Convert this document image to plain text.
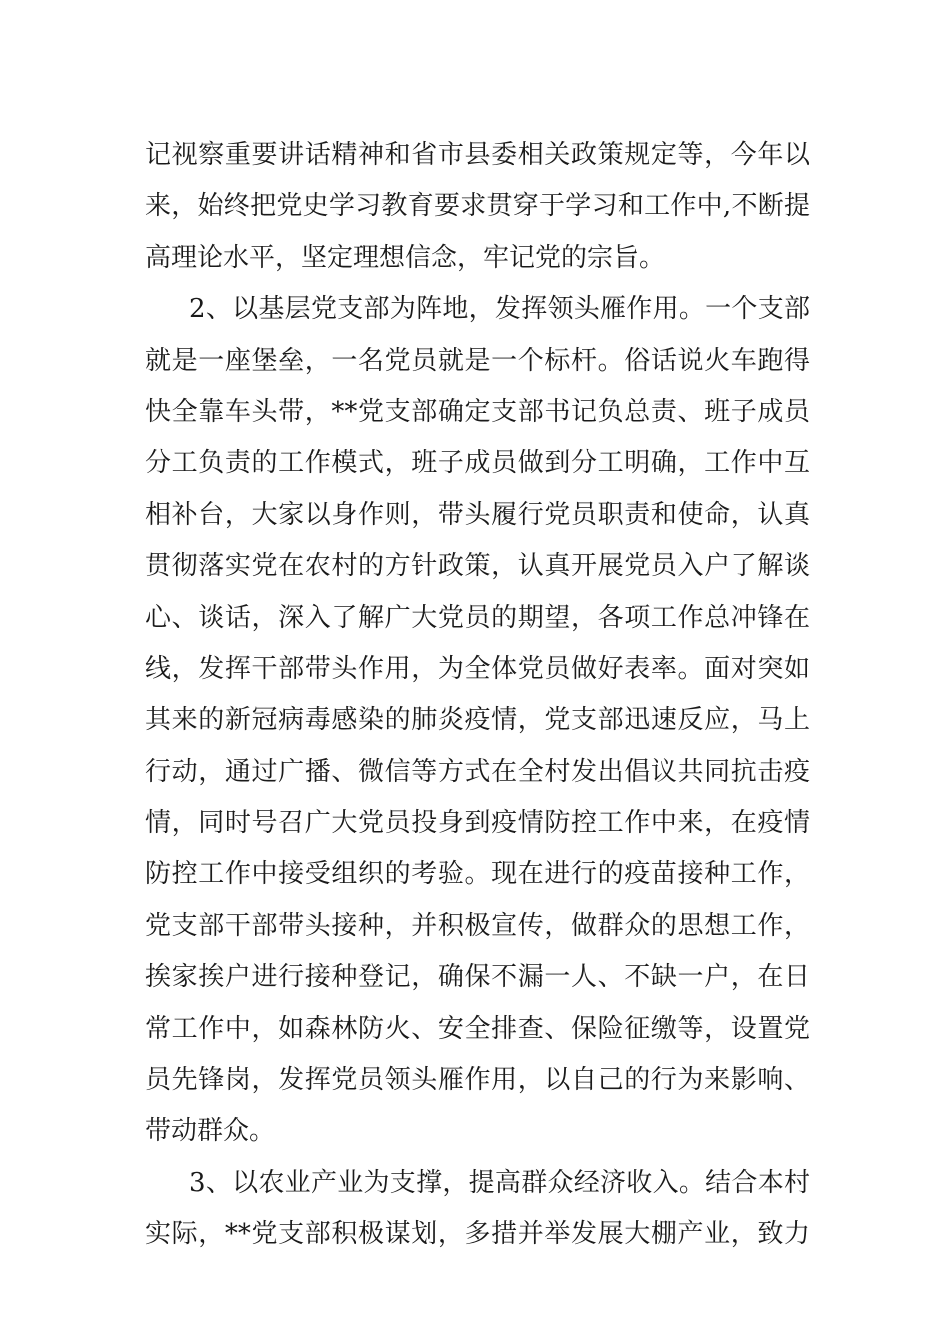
记视察重要讲话精神和省市县委相关政策规定等，今年以
来，始终把党史学习教育要求贯穿于学习和工作中,不断提
高理论水平，坚定理想信念，牢记党的宗旨。
2、以基层党支部为阵地，发挥领头雁作用。一个支部
就是一座堡垒，一名党员就是一个标杆。俗话说火车跑得
快全靠车头带，**党支部确定支部书记负总责、班子成员
分工负责的工作模式，班子成员做到分工明确，工作中互
相补台，大家以身作则，带头履行党员职责和使命，认真
贯彻落实党在农村的方针政策，认真开展党员入户了解谈
心、谈话，深入了解广大党员的期望，各项工作总冲锋在
线，发挥干部带头作用，为全体党员做好表率。面对突如
其来的新冠病毒感染的肺炎疫情，党支部迅速反应，马上
行动，通过广播、微信等方式在全村发出倡议共同抗击疫
情，同时号召广大党员投身到疫情防控工作中来，在疫情
防控工作中接受组织的考验。现在进行的疫苗接种工作，
党支部干部带头接种，并积极宣传，做群众的思想工作，
挨家挨户进行接种登记，确保不漏一人、不缺一户，在日
常工作中，如森林防火、安全排查、保险征缴等，设置党
员先锋岗，发挥党员领头雁作用，以自己的行为来影响、
带动群众。
3、以农业产业为支撑，提高群众经济收入。结合本村
实际，**党支部积极谋划，多措并举发展大棚产业，致力
